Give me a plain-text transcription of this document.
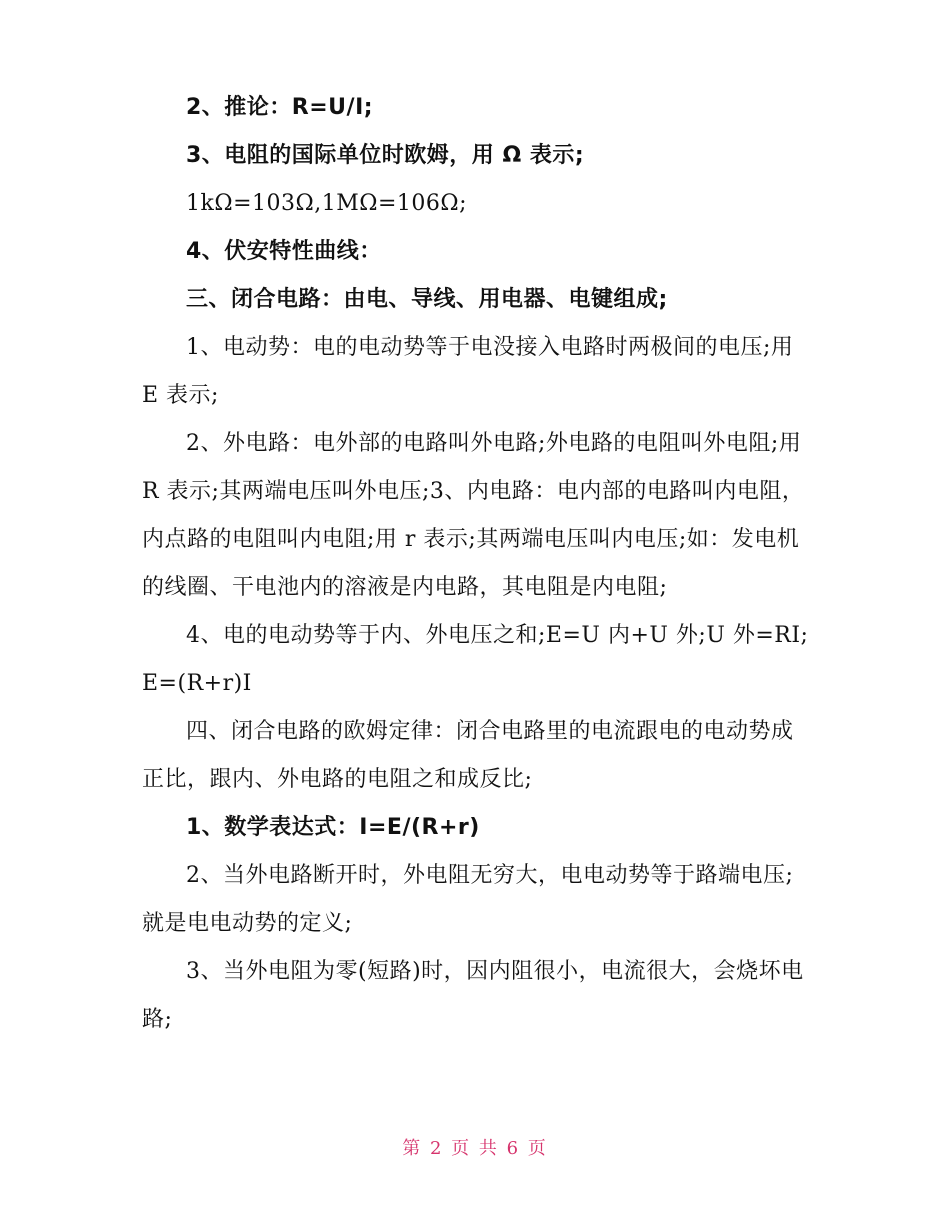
2、推论：R=U/I;

3、电阻的国际单位时欧姆，用 Ω 表示;

1kΩ=103Ω,1MΩ=106Ω;

4、伏安特性曲线：

三、闭合电路：由电、导线、用电器、电键组成;

1、电动势：电的电动势等于电没接入电路时两极间的电压;用 E 表示;

2、外电路：电外部的电路叫外电路;外电路的电阻叫外电阻;用 R 表示;其两端电压叫外电压;3、内电路：电内部的电路叫内电阻，内点路的电阻叫内电阻;用 r 表示;其两端电压叫内电压;如：发电机的线圈、干电池内的溶液是内电路，其电阻是内电阻;

4、电的电动势等于内、外电压之和;E=U 内+U 外;U 外=RI;E=(R+r)I

四、闭合电路的欧姆定律：闭合电路里的电流跟电的电动势成正比，跟内、外电路的电阻之和成反比;

1、数学表达式：I=E/(R+r)

2、当外电路断开时，外电阻无穷大，电电动势等于路端电压;就是电电动势的定义;

3、当外电阻为零(短路)时，因内阻很小，电流很大，会烧坏电路;

第 2 页 共 6 页
